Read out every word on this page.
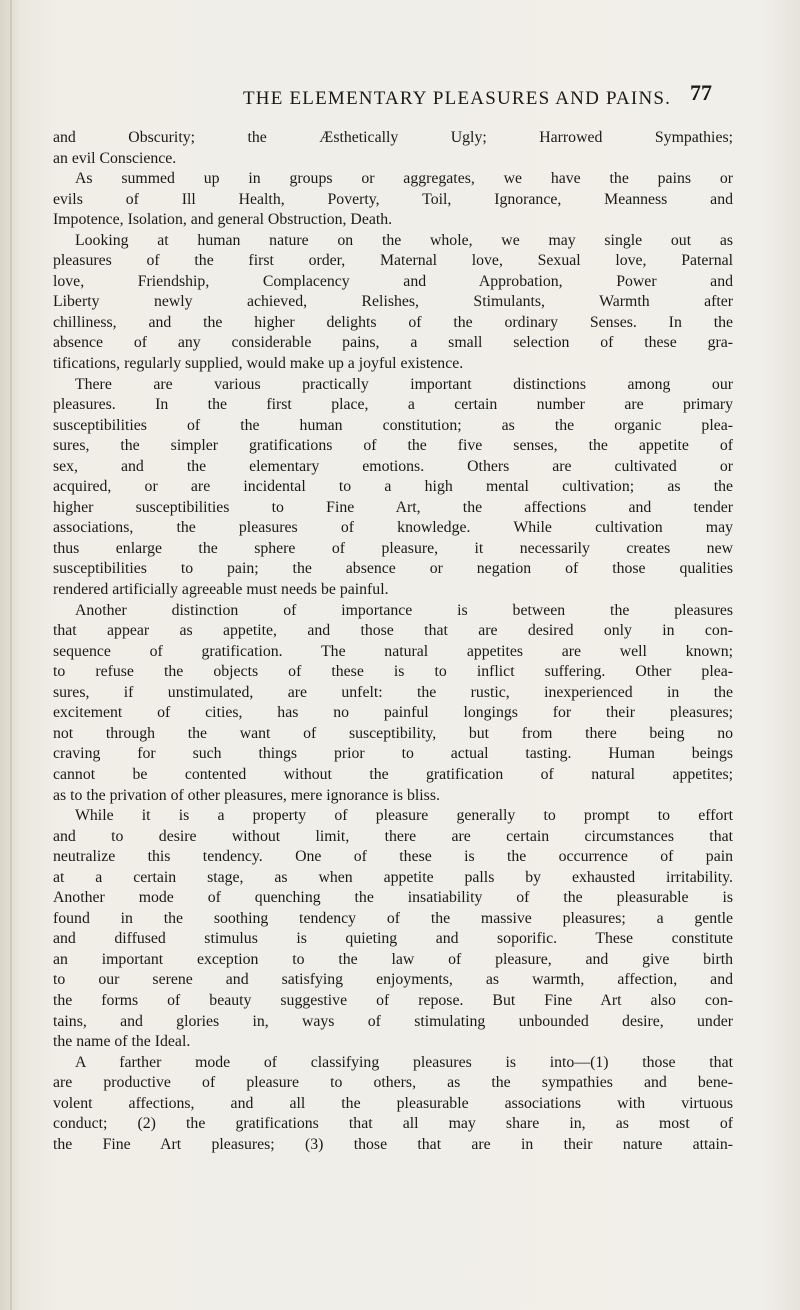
THE ELEMENTARY PLEASURES AND PAINS. 77

and Obscurity; the Æsthetically Ugly; Harrowed Sympathies;

an evil Conscience.

As summed up in groups or aggregates, we have the pains or

evils of Ill Health, Poverty, Toil, Ignorance, Meanness and

Impotence, Isolation, and general Obstruction, Death.

Looking at human nature on the whole, we may single out as

pleasures of the first order, Maternal love, Sexual love, Paternal

love, Friendship, Complacency and Approbation, Power and

Liberty newly achieved, Relishes, Stimulants, Warmth after

chilliness, and the higher delights of the ordinary Senses. In the

absence of any considerable pains, a small selection of these gra-

tifications, regularly supplied, would make up a joyful existence.

There are various practically important distinctions among our

pleasures. In the first place, a certain number are primary

susceptibilities of the human constitution; as the organic plea-

sures, the simpler gratifications of the five senses, the appetite of

sex, and the elementary emotions. Others are cultivated or

acquired, or are incidental to a high mental cultivation; as the

higher susceptibilities to Fine Art, the affections and tender

associations, the pleasures of knowledge. While cultivation may

thus enlarge the sphere of pleasure, it necessarily creates new

susceptibilities to pain; the absence or negation of those qualities

rendered artificially agreeable must needs be painful.

Another distinction of importance is between the pleasures

that appear as appetite, and those that are desired only in con-

sequence of gratification. The natural appetites are well known;

to refuse the objects of these is to inflict suffering. Other plea-

sures, if unstimulated, are unfelt: the rustic, inexperienced in the

excitement of cities, has no painful longings for their pleasures;

not through the want of susceptibility, but from there being no

craving for such things prior to actual tasting. Human beings

cannot be contented without the gratification of natural appetites;

as to the privation of other pleasures, mere ignorance is bliss.

While it is a property of pleasure generally to prompt to effort

and to desire without limit, there are certain circumstances that

neutralize this tendency. One of these is the occurrence of pain

at a certain stage, as when appetite palls by exhausted irritability.

Another mode of quenching the insatiability of the pleasurable is

found in the soothing tendency of the massive pleasures; a gentle

and diffused stimulus is quieting and soporific. These constitute

an important exception to the law of pleasure, and give birth

to our serene and satisfying enjoyments, as warmth, affection, and

the forms of beauty suggestive of repose. But Fine Art also con-

tains, and glories in, ways of stimulating unbounded desire, under

the name of the Ideal.

A farther mode of classifying pleasures is into—(1) those that

are productive of pleasure to others, as the sympathies and bene-

volent affections, and all the pleasurable associations with virtuous

conduct; (2) the gratifications that all may share in, as most of

the Fine Art pleasures; (3) those that are in their nature attain-
